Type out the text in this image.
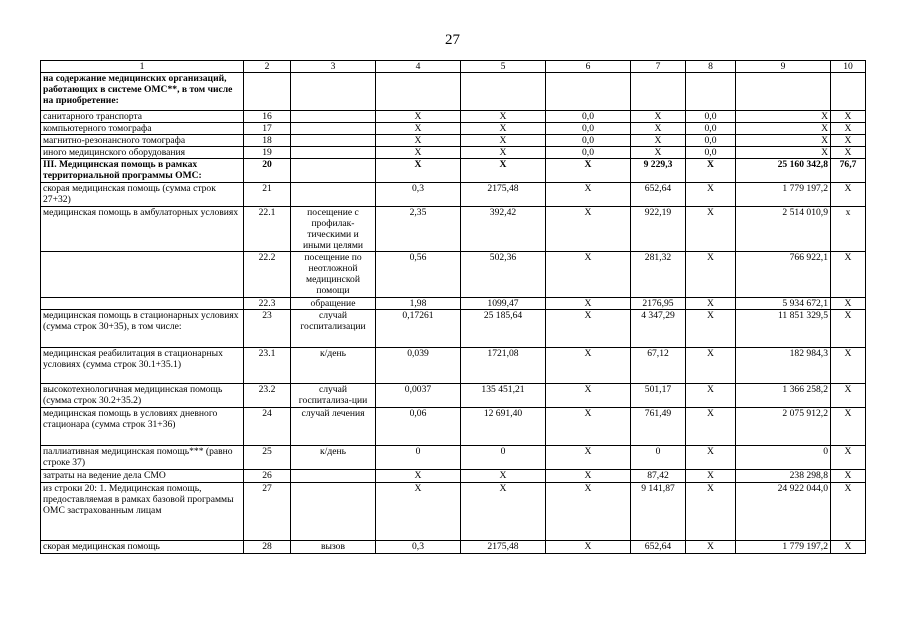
27
1	2	3	4	5	6	7	8	9	10
на содержание медицинских организаций, работающих в системе ОМС**, в том числе на приобретение:									
санитарного транспорта	16		X	X	0,0	X	0,0	X	X
компьютерного томографа	17		X	X	0,0	X	0,0	X	X
магнитно-резонансного томографа	18		X	X	0,0	X	0,0	X	X
иного медицинского оборудования	19		X	X	0,0	X	0,0	X	X
III. Медицинская помощь в рамках территориальной программы ОМС:	20		X	X	X	9 229,3	X	25 160 342,8	76,7
скорая медицинская помощь (сумма строк 27+32)	21		0,3	2175,48	X	652,64	X	1 779 197,2	X
медицинская помощь в амбулаторных условиях	22.1	посещение с профилак-тическими и иными целями	2,35	392,42	X	922,19	X	2 514 010,9	х
	22.2	посещение по неотложной медицинской помощи	0,56	502,36	X	281,32	X	766 922,1	X
	22.3	обращение	1,98	1099,47	X	2176,95	X	5 934 672,1	X
медицинская помощь в стационарных условиях (сумма строк 30+35), в том числе:	23	случай госпитализации	0,17261	25 185,64	X	4 347,29	X	11 851 329,5	X
медицинская реабилитация в стационарных условиях (сумма строк 30.1+35.1)	23.1	к/день	0,039	1721,08	X	67,12	X	182 984,3	X
высокотехнологичная медицинская помощь (сумма строк 30.2+35.2)	23.2	случай госпитализа-ции	0,0037	135 451,21	X	501,17	X	1 366 258,2	X
медицинская помощь в условиях дневного стационара (сумма строк 31+36)	24	случай лечения	0,06	12 691,40	X	761,49	X	2 075 912,2	X
паллиативная медицинская помощь*** (равно строке 37)	25	к/день	0	0	X	0	X	0	X
затраты на ведение дела СМО	26		X	X	X	87,42	X	238 298,8	X
из строки 20: 1. Медицинская помощь, предоставляемая в рамках базовой программы ОМС застрахованным лицам	27		X	X	X	9 141,87	X	24 922 044,0	X
скорая медицинская помощь	28	вызов	0,3	2175,48	X	652,64	X	1 779 197,2	X
